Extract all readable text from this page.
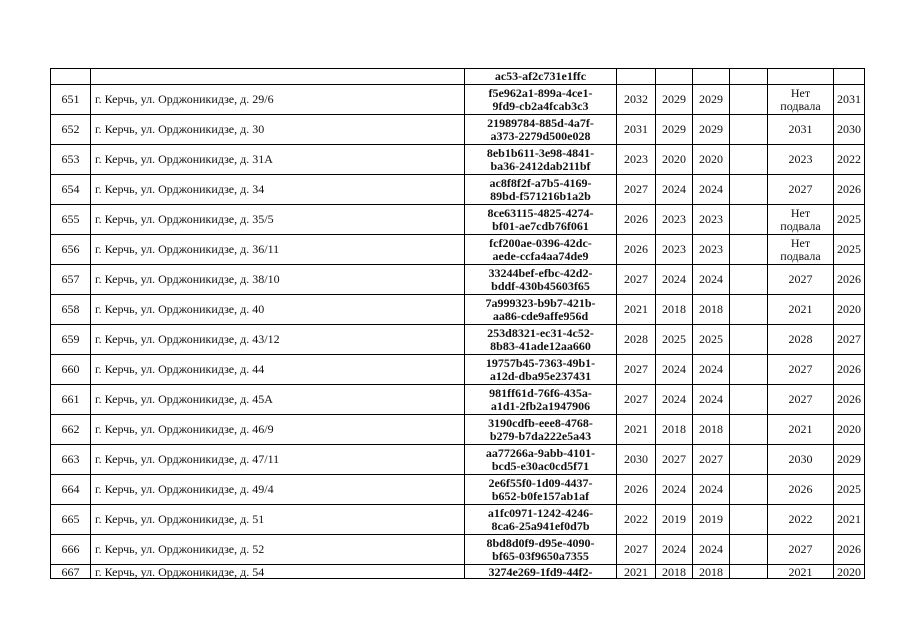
		ac53-af2c731e1ffc						
651	г. Керчь, ул. Орджоникидзе, д. 29/6	f5e962a1-899a-4ce1-
9fd9-cb2a4fcab3c3	2032	2029	2029		Нет
подвала	2031
652	г. Керчь, ул. Орджоникидзе, д. 30	21989784-885d-4a7f-
a373-2279d500e028	2031	2029	2029		2031	2030
653	г. Керчь, ул. Орджоникидзе, д. 31А	8eb1b611-3e98-4841-
ba36-2412dab211bf	2023	2020	2020		2023	2022
654	г. Керчь, ул. Орджоникидзе, д. 34	ac8f8f2f-a7b5-4169-
89bd-f571216b1a2b	2027	2024	2024		2027	2026
655	г. Керчь, ул. Орджоникидзе, д. 35/5	8ce63115-4825-4274-
bf01-ae7cdb76f061	2026	2023	2023		Нет
подвала	2025
656	г. Керчь, ул. Орджоникидзе, д. 36/11	fcf200ae-0396-42dc-
aede-ccfa4aa74de9	2026	2023	2023		Нет
подвала	2025
657	г. Керчь, ул. Орджоникидзе, д. 38/10	33244bef-efbc-42d2-
bddf-430b45603f65	2027	2024	2024		2027	2026
658	г. Керчь, ул. Орджоникидзе, д. 40	7a999323-b9b7-421b-
aa86-cde9affe956d	2021	2018	2018		2021	2020
659	г. Керчь, ул. Орджоникидзе, д. 43/12	253d8321-ec31-4c52-
8b83-41ade12aa660	2028	2025	2025		2028	2027
660	г. Керчь, ул. Орджоникидзе, д. 44	19757b45-7363-49b1-
a12d-dba95e237431	2027	2024	2024		2027	2026
661	г. Керчь, ул. Орджоникидзе, д. 45А	981ff61d-76f6-435a-
a1d1-2fb2a1947906	2027	2024	2024		2027	2026
662	г. Керчь, ул. Орджоникидзе, д. 46/9	3190cdfb-eee8-4768-
b279-b7da222e5a43	2021	2018	2018		2021	2020
663	г. Керчь, ул. Орджоникидзе, д. 47/11	aa77266a-9abb-4101-
bcd5-e30ac0cd5f71	2030	2027	2027		2030	2029
664	г. Керчь, ул. Орджоникидзе, д. 49/4	2e6f55f0-1d09-4437-
b652-b0fe157ab1af	2026	2024	2024		2026	2025
665	г. Керчь, ул. Орджоникидзе, д. 51	a1fc0971-1242-4246-
8ca6-25a941ef0d7b	2022	2019	2019		2022	2021
666	г. Керчь, ул. Орджоникидзе, д. 52	8bd8d0f9-d95e-4090-
bf65-03f9650a7355	2027	2024	2024		2027	2026
667	г. Керчь, ул. Орджоникидзе, д. 54	3274e269-1fd9-44f2-	2021	2018	2018		2021	2020
